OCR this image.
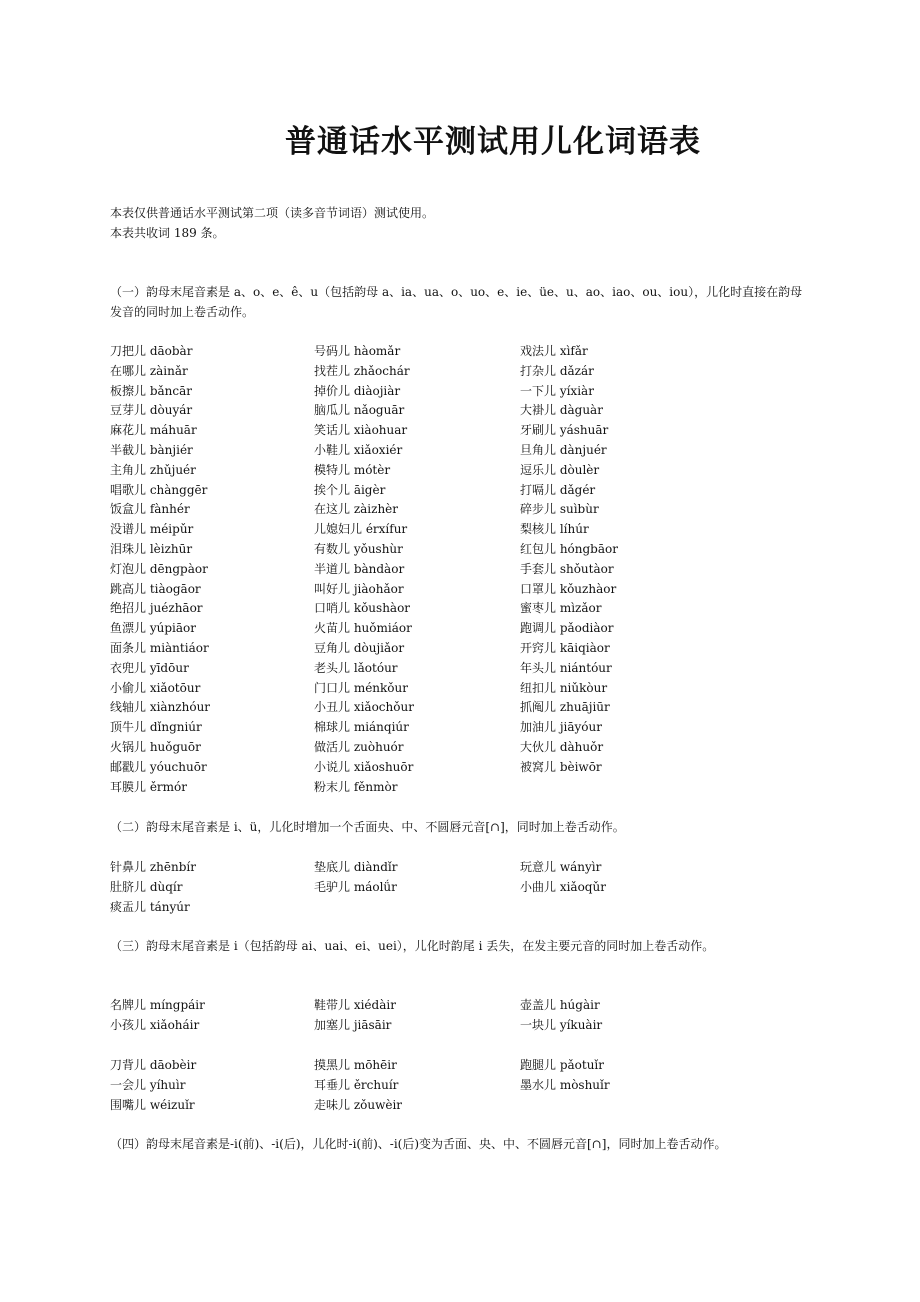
普通话水平测试用儿化词语表
本表仅供普通话水平测试第二项（读多音节词语）测试使用。
本表共收词 189 条。
（一）韵母末尾音素是 a、o、e、ê、u（包括韵母 a、ia、ua、o、uo、e、ie、üe、u、ao、iao、ou、iou），儿化时直接在韵母发音的同时加上卷舌动作。
刀把儿 dāobàr
在哪儿 zàinǎr
板擦儿 bǎncār
豆芽儿 dòuyár
麻花儿 máhuār
半截儿 bànjiér
主角儿 zhǔjuér
唱歌儿 chànggēr
饭盒儿 fànhér
没谱儿 méipǔr
泪珠儿 lèizhūr
灯泡儿 dēngpàor
跳高儿 tiàogāor
绝招儿 juézhāor
鱼漂儿 yúpiāor
面条儿 miàntiáor
衣兜儿 yīdōur
小偷儿 xiǎotōur
线轴儿 xiànzhóur
顶牛儿 dǐngniúr
火锅儿 huǒguōr
邮戳儿 yóuchuōr
耳膜儿 ěrmór
号码儿 hàomǎr
找茬儿 zhǎochár
掉价儿 diàojiàr
脑瓜儿 nǎoguār
笑话儿 xiàohuar
小鞋儿 xiǎoxiér
模特儿 mótèr
挨个儿 āigèr
在这儿 zàizhèr
儿媳妇儿 érxífur
有数儿 yǒushùr
半道儿 bàndàor
叫好儿 jiàohǎor
口哨儿 kǒushàor
火苗儿 huǒmiáor
豆角儿 dòujiǎor
老头儿 lǎotóur
门口儿 ménkǒur
小丑儿 xiǎochǒur
棉球儿 miánqiúr
做活儿 zuòhuór
小说儿 xiǎoshuōr
粉末儿 fěnmòr
戏法儿 xìfǎr
打杂儿 dǎzár
一下儿 yíxiàr
大褂儿 dàguàr
牙刷儿 yáshuār
旦角儿 dànjuér
逗乐儿 dòulèr
打嗝儿 dǎgér
碎步儿 suìbùr
梨核儿 líhúr
红包儿 hóngbāor
手套儿 shǒutàor
口罩儿 kǒuzhàor
蜜枣儿 mìzǎor
跑调儿 pǎodiàor
开窍儿 kāiqiàor
年头儿 niántóur
纽扣儿 niǔkòur
抓阄儿 zhuājiūr
加油儿 jiāyóur
大伙儿 dàhuǒr
被窝儿 bèiwōr
（二）韵母末尾音素是 i、ü，儿化时增加一个舌面央、中、不圆唇元音[∩]，同时加上卷舌动作。
针鼻儿 zhēnbír
肚脐儿 dùqír
痰盂儿 tányúr
垫底儿 diàndǐr
毛驴儿 máolǘr
玩意儿 wányìr
小曲儿 xiǎoqǔr
（三）韵母末尾音素是 i（包括韵母 ai、uai、ei、uei），儿化时韵尾 i 丢失，在发主要元音的同时加上卷舌动作。
名牌儿 míngpáir
小孩儿 xiǎoháir
鞋带儿 xiédàir
加塞儿 jiāsāir
壶盖儿 húgàir
一块儿 yíkuàir
刀背儿 dāobèir
一会儿 yíhuìr
围嘴儿 wéizuǐr
摸黑儿 mōhēir
耳垂儿 ěrchuír
走味儿 zǒuwèir
跑腿儿 pǎotuǐr
墨水儿 mòshuǐr
（四）韵母末尾音素是-i(前)、-i(后)，儿化时-i(前)、-i(后)变为舌面、央、中、不圆唇元音[∩]，同时加上卷舌动作。
